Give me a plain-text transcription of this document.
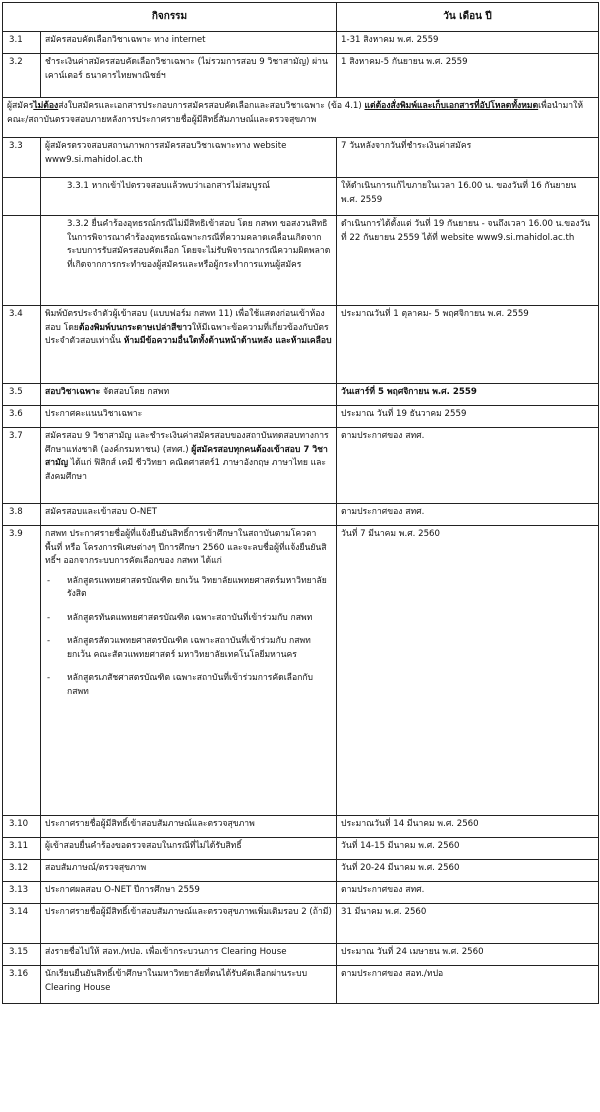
กิจกรรม		วัน เดือน ปี
3.1	สมัครสอบคัดเลือกวิชาเฉพาะ ทาง internet	1-31 สิงหาคม พ.ศ. 2559
3.2	ชำระเงินค่าสมัครสอบคัดเลือกวิชาเฉพาะ (ไม่รวมการสอบ 9 วิชาสามัญ) ผ่านเคาน์เตอร์ ธนาคารไทยพาณิชย์ฯ	1 สิงหาคม-5 กันยายน พ.ศ. 2559
ผู้สมัครไม่ต้องส่งใบสมัครและเอกสารประกอบการสมัครสอบคัดเลือกและสอบวิชาเฉพาะ (ข้อ 4.1) แต่ต้องสั่งพิมพ์และเก็บเอกสารที่อัปโหลดทั้งหมดเพื่อนำมาให้คณะ/สถาบันตรวจสอบภายหลังการประกาศรายชื่อผู้มีสิทธิ์สัมภาษณ์และตรวจสุขภาพ		
3.3	ผู้สมัครตรวจสอบสถานภาพการสมัครสอบวิชาเฉพาะทาง website www9.si.mahidol.ac.th	7 วันหลังจากวันที่ชำระเงินค่าสมัคร

	3.3.1 หากเข้าไปตรวจสอบแล้วพบว่าเอกสารไม่สมบูรณ์	ให้ดำเนินการแก้ไขภายในเวลา 16.00 น. ของวันที่ 16 กันยายน พ.ศ. 2559

	3.3.2 ยื่นคำร้องอุทธรณ์กรณีไม่มีสิทธิเข้าสอบ โดย กสพท ขอสงวนสิทธิในการพิจารณาคำร้องอุทธรณ์เฉพาะกรณีที่ความคลาดเคลื่อนเกิดจากระบบการรับสมัครสอบคัดเลือก โดยจะไม่รับพิจารณากรณีความผิดพลาดที่เกิดจากการกระทำของผู้สมัครและหรือผู้กระทำการแทนผู้สมัคร	ดำเนินการได้ตั้งแต่ วันที่ 19 กันยายน - จนถึงเวลา 16.00 น.ของวันที่ 22 กันยายน 2559 ได้ที่ website www9.si.mahidol.ac.th
3.4	พิมพ์บัตรประจำตัวผู้เข้าสอบ (แบบฟอร์ม กสพท 11) เพื่อใช้แสดงก่อนเข้าห้องสอบ โดยต้องพิมพ์บนกระดาษเปล่าสีขาวให้มีเฉพาะข้อความที่เกี่ยวข้องกับบัตรประจำตัวสอบเท่านั้น ห้ามมีข้อความอื่นใดทั้งด้านหน้าด้านหลัง และห้ามเคลือบ	ประมาณวันที่ 1 ตุลาคม- 5 พฤศจิกายน พ.ศ. 2559
3.5	สอบวิชาเฉพาะ จัดสอบโดย กสพท	วันเสาร์ที่ 5 พฤศจิกายน พ.ศ. 2559
3.6	ประกาศคะแนนวิชาเฉพาะ	ประมาณ วันที่ 19 ธันวาคม 2559
3.7	สมัครสอบ 9 วิชาสามัญ และชำระเงินค่าสมัครสอบของสถาบันทดสอบทางการศึกษาแห่งชาติ (องค์กรมหาชน) (สทศ.) ผู้สมัครสอบทุกคนต้องเข้าสอบ 7 วิชาสามัญ ได้แก่ ฟิสิกส์ เคมี ชีววิทยา คณิตศาสตร์1 ภาษาอังกฤษ ภาษาไทย และสังคมศึกษา	ตามประกาศของ สทศ.
3.8	สมัครสอบและเข้าสอบ O-NET	ตามประกาศของ สทศ.
3.9	กสพท ประกาศรายชื่อผู้ที่แจ้งยืนยันสิทธิ์การเข้าศึกษาในสถาบันตามโควตาพื้นที่ หรือ โครงการพิเศษต่างๆ ปีการศึกษา 2560 และจะลบชื่อผู้ที่แจ้งยืนยันสิทธิ์ฯ ออกจากระบบการคัดเลือกของ กสพท ได้แก่
- หลักสูตรแพทยศาสตรบัณฑิต ยกเว้น วิทยาลัยแพทยศาสตร์มหาวิทยาลัยรังสิต
- หลักสูตรทันตแพทยศาสตรบัณฑิต เฉพาะสถาบันที่เข้าร่วมกับ กสพท
- หลักสูตรสัตวแพทยศาสตรบัณฑิต เฉพาะสถาบันที่เข้าร่วมกับ กสพท ยกเว้น คณะสัตวแพทยศาสตร์ มหาวิทยาลัยเทคโนโลยีมหานคร
- หลักสูตรเภสัชศาสตรบัณฑิต เฉพาะสถาบันที่เข้าร่วมการคัดเลือกกับ กสพท	วันที่ 7 มีนาคม พ.ศ. 2560
3.10	ประกาศรายชื่อผู้มีสิทธิ์เข้าสอบสัมภาษณ์และตรวจสุขภาพ	ประมาณวันที่ 14 มีนาคม พ.ศ. 2560
3.11	ผู้เข้าสอบยื่นคำร้องขอตรวจสอบในกรณีที่ไม่ได้รับสิทธิ์	วันที่ 14-15 มีนาคม พ.ศ. 2560
3.12	สอบสัมภาษณ์/ตรวจสุขภาพ	วันที่ 20-24 มีนาคม พ.ศ. 2560
3.13	ประกาศผลสอบ O-NET ปีการศึกษา 2559	ตามประกาศของ สทศ.
3.14	ประกาศรายชื่อผู้มีสิทธิ์เข้าสอบสัมภาษณ์และตรวจสุขภาพเพิ่มเติมรอบ 2 (ถ้ามี)	31 มีนาคม พ.ศ. 2560
3.15	ส่งรายชื่อไปให้ สอท./ทปอ. เพื่อเข้ากระบวนการ Clearing House	ประมาณ วันที่ 24 เมษายน พ.ศ. 2560
3.16	นักเรียนยืนยันสิทธิ์เข้าศึกษาในมหาวิทยาลัยที่ตนได้รับคัดเลือกผ่านระบบ Clearing House	ตามประกาศของ สอท./ทปอ
